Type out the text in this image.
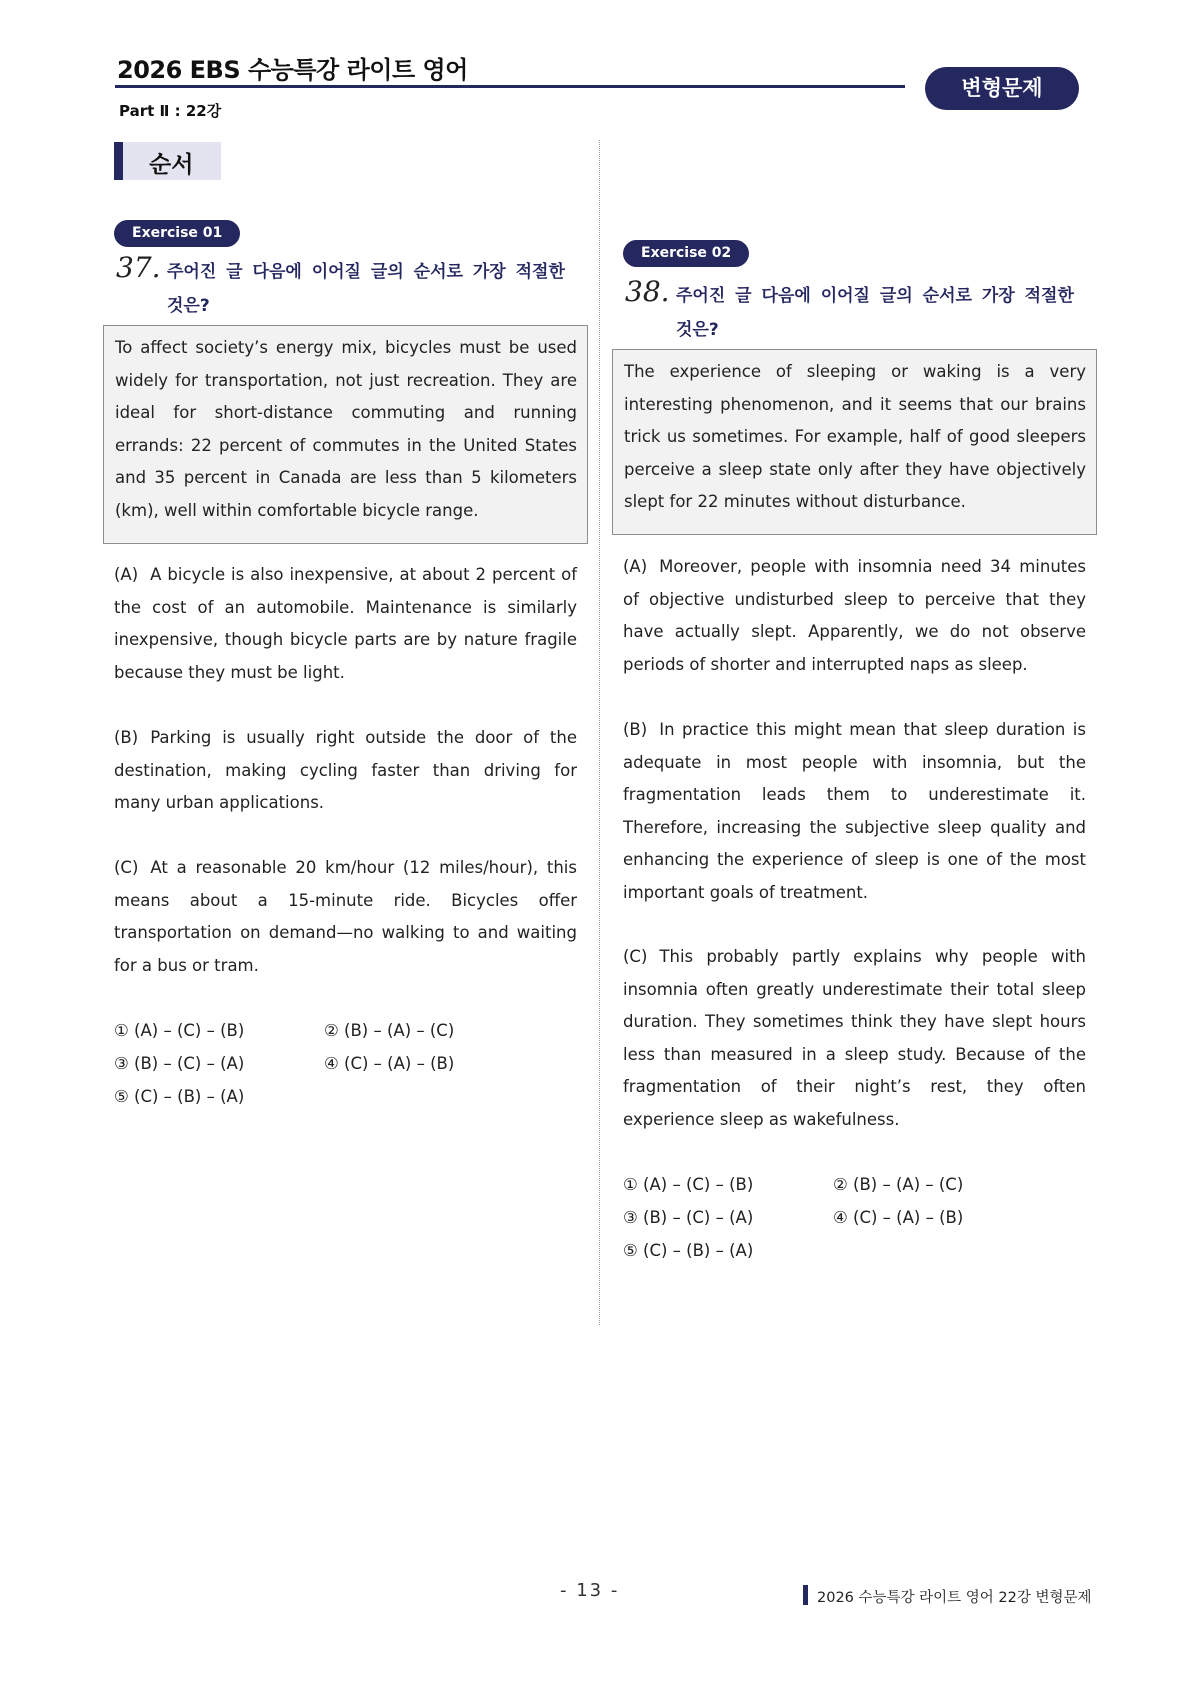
2026 EBS 수능특강 라이트 영어
Part Ⅱ : 22강
변형문제
순서
Exercise 01
37. 주어진 글 다음에 이어질 글의 순서로 가장 적절한
것은?
To affect society’s energy mix, bicycles must be used widely for transportation, not just recreation. They are ideal for short-distance commuting and running errands: 22 percent of commutes in the United States and 35 percent in Canada are less than 5 kilometers (km), well within comfortable bicycle range.
(A) A bicycle is also inexpensive, at about 2 percent of the cost of an automobile. Maintenance is similarly inexpensive, though bicycle parts are by nature fragile because they must be light.
(B) Parking is usually right outside the door of the destination, making cycling faster than driving for many urban applications.
(C) At a reasonable 20 km/hour (12 miles/hour), this means about a 15-minute ride. Bicycles offer transportation on demand—no walking to and waiting for a bus or tram.
① (A) – (C) – (B)	② (B) – (A) – (C)
③ (B) – (C) – (A)	④ (C) – (A) – (B)
⑤ (C) – (B) – (A)
Exercise 02
38. 주어진 글 다음에 이어질 글의 순서로 가장 적절한
것은?
The experience of sleeping or waking is a very interesting phenomenon, and it seems that our brains trick us sometimes. For example, half of good sleepers perceive a sleep state only after they have objectively slept for 22 minutes without disturbance.
(A) Moreover, people with insomnia need 34 minutes of objective undisturbed sleep to perceive that they have actually slept. Apparently, we do not observe periods of shorter and interrupted naps as sleep.
(B) In practice this might mean that sleep duration is adequate in most people with insomnia, but the fragmentation leads them to underestimate it. Therefore, increasing the subjective sleep quality and enhancing the experience of sleep is one of the most important goals of treatment.
(C) This probably partly explains why people with insomnia often greatly underestimate their total sleep duration. They sometimes think they have slept hours less than measured in a sleep study. Because of the fragmentation of their night’s rest, they often experience sleep as wakefulness.
① (A) – (C) – (B)	② (B) – (A) – (C)
③ (B) – (C) – (A)	④ (C) – (A) – (B)
⑤ (C) – (B) – (A)
- 13 -	2026 수능특강 라이트 영어 22강 변형문제
